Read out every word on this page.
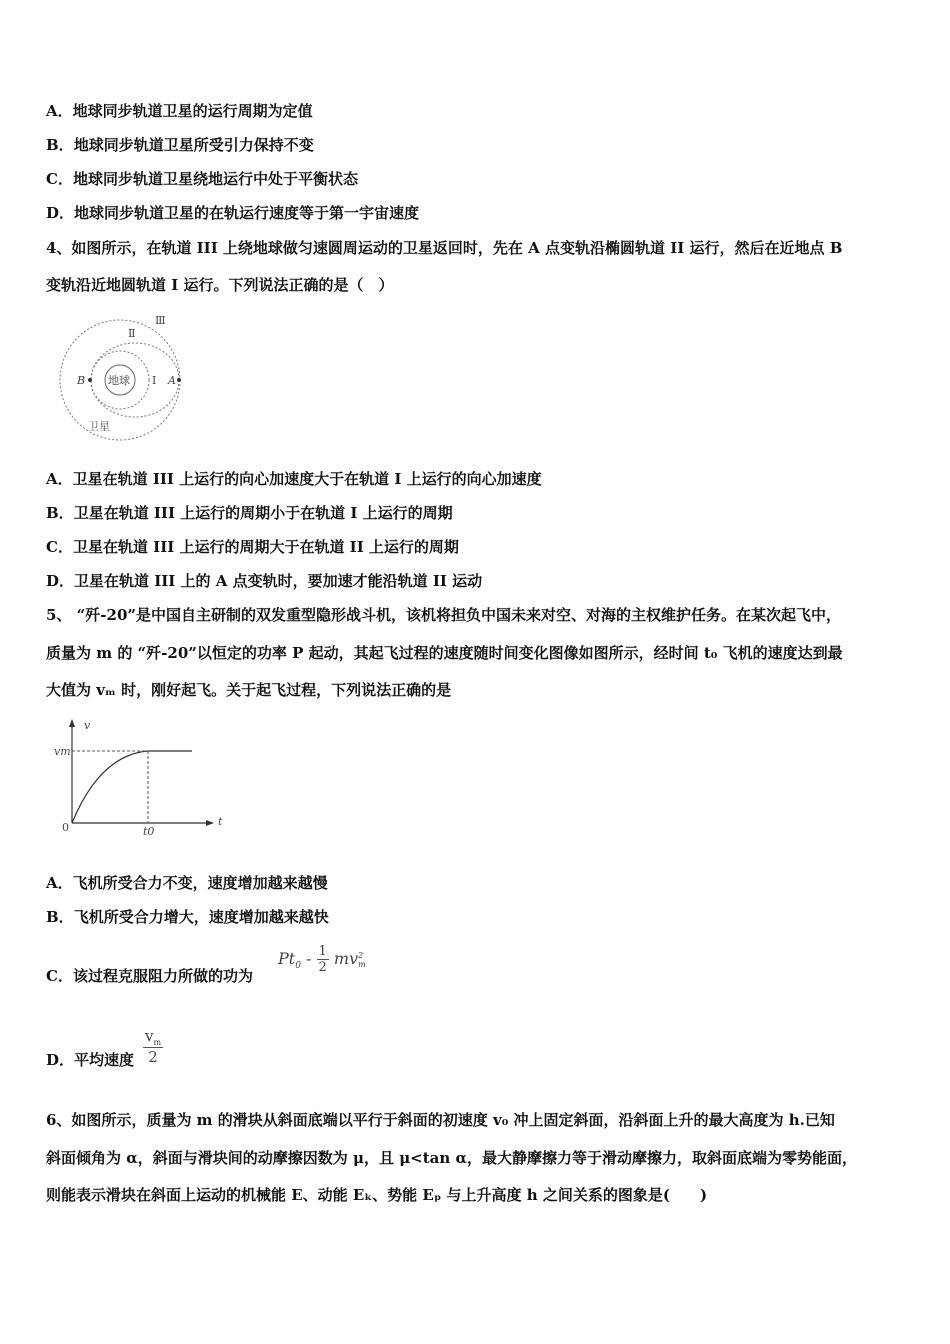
A．地球同步轨道卫星的运行周期为定值
B．地球同步轨道卫星所受引力保持不变
C．地球同步轨道卫星绕地运行中处于平衡状态
D．地球同步轨道卫星的在轨运行速度等于第一宇宙速度
4、如图所示，在轨道 III 上绕地球做匀速圆周运动的卫星返回时，先在 A 点变轨沿椭圆轨道 II 运行，然后在近地点 B
变轨沿近地圆轨道 I 运行。下列说法正确的是（　）
地球
B	A
I
Ⅱ
Ⅲ
卫星
A．卫星在轨道 III 上运行的向心加速度大于在轨道 I 上运行的向心加速度
B．卫星在轨道 III 上运行的周期小于在轨道 I 上运行的周期
C．卫星在轨道 III 上运行的周期大于在轨道 II 上运行的周期
D．卫星在轨道 III 上的 A 点变轨时，要加速才能沿轨道 II 运动
5、 “歼-20”是中国自主研制的双发重型隐形战斗机，该机将担负中国未来对空、对海的主权维护任务。在某次起飞中，
质量为 m 的 “歼-20”以恒定的功率 P 起动，其起飞过程的速度随时间变化图像如图所示，经时间 t₀ 飞机的速度达到最
大值为 vₘ 时，刚好起飞。关于起飞过程，下列说法正确的是
v
t
vm
0	t0
A．飞机所受合力不变，速度增加越来越慢
B．飞机所受合力增大，速度增加越来越快
C．该过程克服阻力所做的功为
$Pt_0 - \frac{1}{2}$ mv 2
m
D．平均速度 $\frac{v_m}{2}$
6、如图所示，质量为 m 的滑块从斜面底端以平行于斜面的初速度 v₀ 冲上固定斜面，沿斜面上升的最大高度为 h.已知
斜面倾角为 α，斜面与滑块间的动摩擦因数为 μ，且 μ<tan α，最大静摩擦力等于滑动摩擦力，取斜面底端为零势能面，
则能表示滑块在斜面上运动的机械能 E、动能 Eₖ、势能 Eₚ 与上升高度 h 之间关系的图象是(　　)
